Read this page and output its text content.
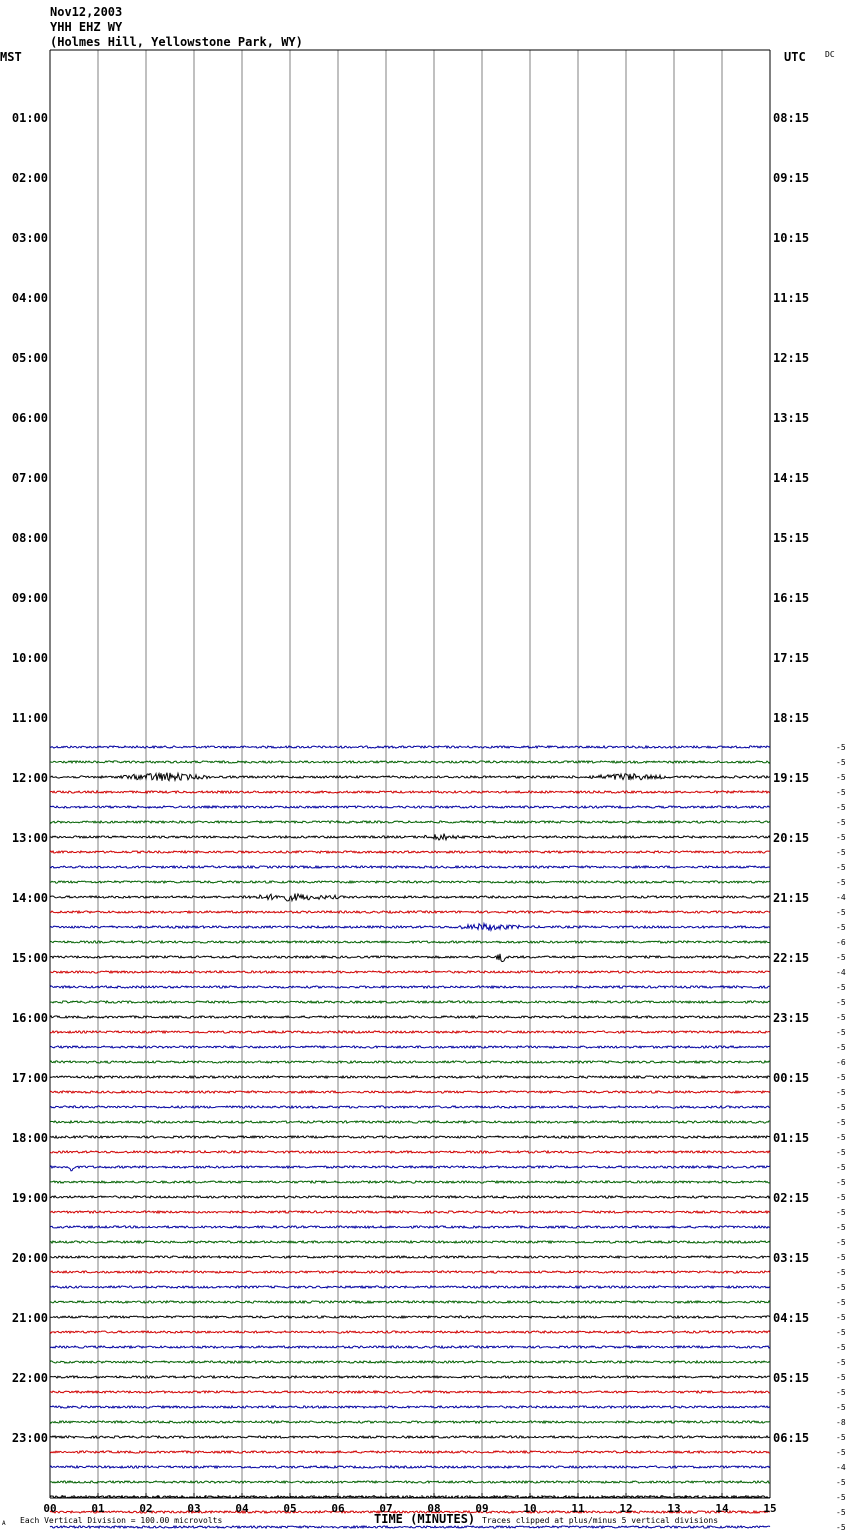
Nov12,2003
YHH EHZ WY
(Holmes Hill, Yellowstone Park, WY)
MST	UTC DC
01:00
02:00
03:00
04:00
05:00
06:00
07:00
08:00
09:00
10:00
11:00
12:00
13:00
14:00
15:00
16:00
17:00
18:00
19:00
20:00
21:00
22:00
23:00
08:15
09:15
10:15
11:15
12:15
13:15
14:15
15:15
16:15
17:15
18:15
19:15
20:15
21:15
22:15
23:15
00:15
01:15
02:15
03:15
04:15
05:15
06:15
-5
-5
-5
-5
-5
-5
-5
-5
-5
-5
-4
-5
-5
-6
-5
-4
-5
-5
-5
-5
-5
-6
-5
-5
-5
-5
-5
-5
-5
-5
-5
-5
-5
-5
-5
-5
-5
-5
-5
-5
-5
-5
-5
-5
-5
-8
-5
-5
-4
-5
-5
-5
-5
00	01	02	03	04	05	06	07	08	09	10	11	12	13	14	15
A Each Vertical Division = 100.00 microvolts	TIME (MINUTES) Traces clipped at plus/minus 5 vertical divisions
